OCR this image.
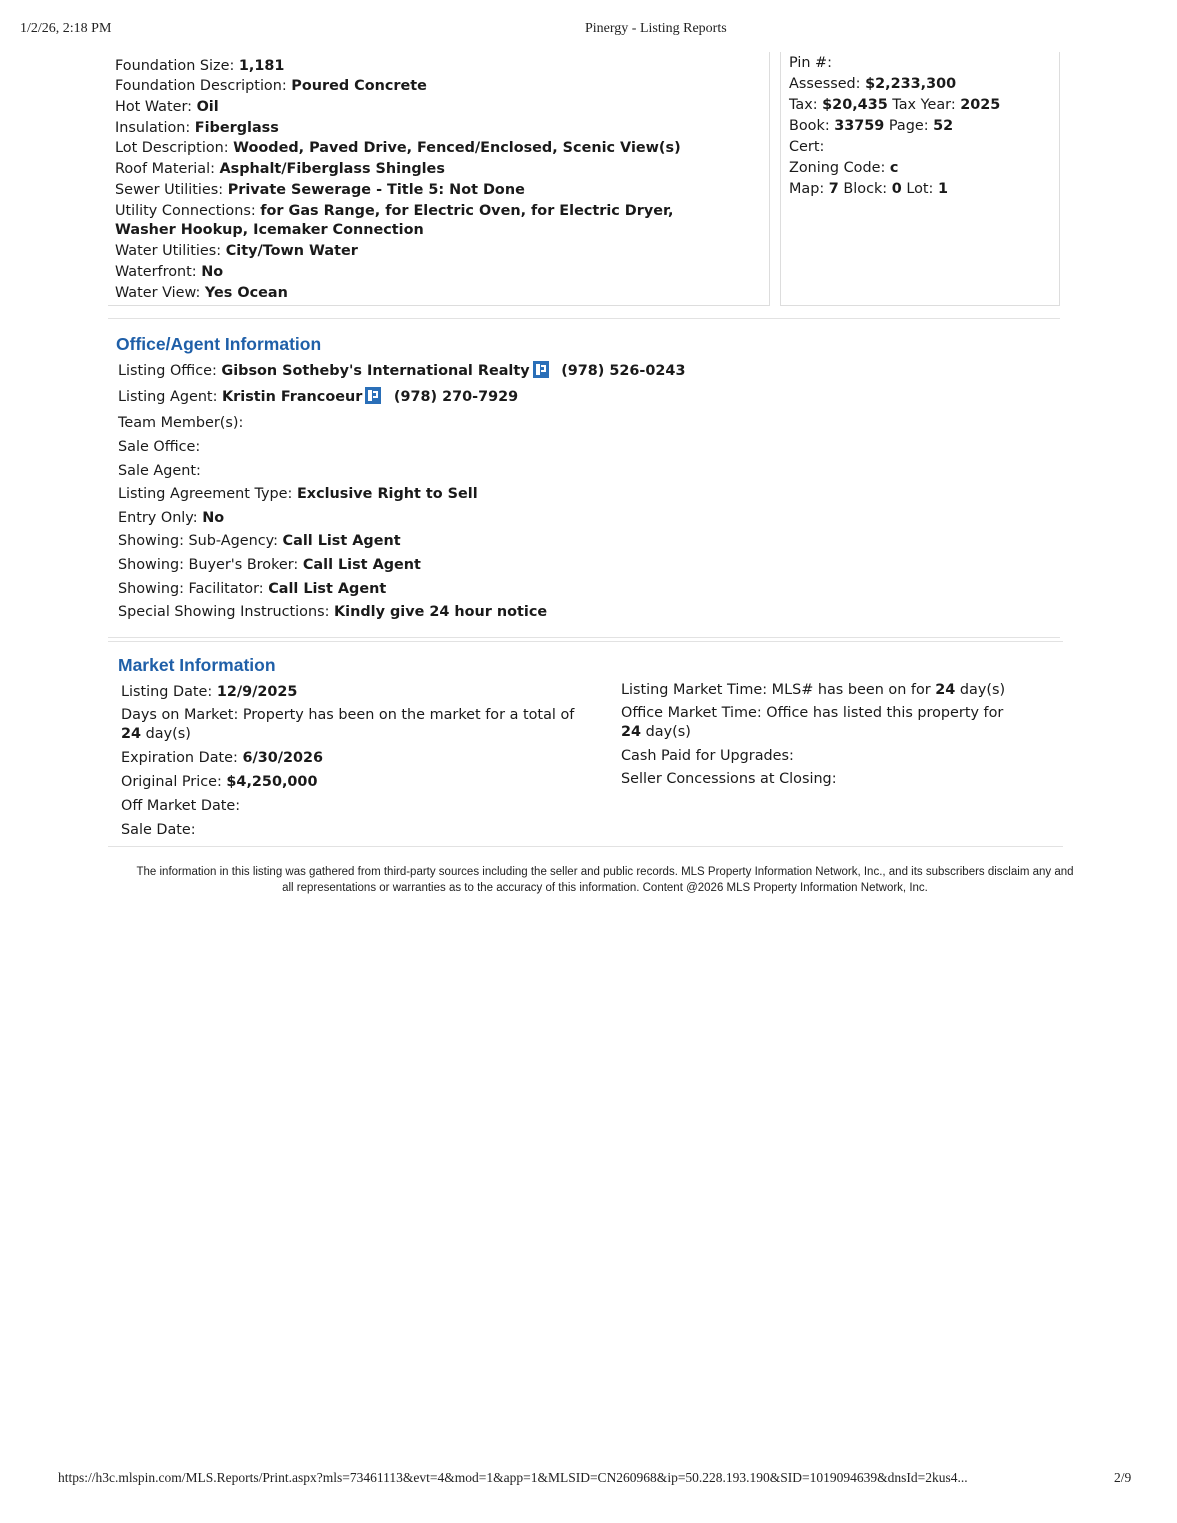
1/2/26, 2:18 PM	Pinergy - Listing Reports
Foundation Size: 1,181
Foundation Description: Poured Concrete
Hot Water: Oil
Insulation: Fiberglass
Lot Description: Wooded, Paved Drive, Fenced/Enclosed, Scenic View(s)
Roof Material: Asphalt/Fiberglass Shingles
Sewer Utilities: Private Sewerage - Title 5: Not Done
Utility Connections: for Gas Range, for Electric Oven, for Electric Dryer, Washer Hookup, Icemaker Connection
Water Utilities: City/Town Water
Waterfront: No
Water View: Yes Ocean
Pin #:
Assessed: $2,233,300
Tax: $20,435 Tax Year: 2025
Book: 33759 Page: 52
Cert:
Zoning Code: c
Map: 7 Block: 0 Lot: 1
Office/Agent Information
Listing Office: Gibson Sotheby's International Realty (978) 526-0243
Listing Agent: Kristin Francoeur (978) 270-7929
Team Member(s):
Sale Office:
Sale Agent:
Listing Agreement Type: Exclusive Right to Sell
Entry Only: No
Showing: Sub-Agency: Call List Agent
Showing: Buyer's Broker: Call List Agent
Showing: Facilitator: Call List Agent
Special Showing Instructions: Kindly give 24 hour notice
Market Information
Listing Date: 12/9/2025
Days on Market: Property has been on the market for a total of 24 day(s)
Expiration Date: 6/30/2026
Original Price: $4,250,000
Off Market Date:
Sale Date:
Listing Market Time: MLS# has been on for 24 day(s)
Office Market Time: Office has listed this property for 24 day(s)
Cash Paid for Upgrades:
Seller Concessions at Closing:
The information in this listing was gathered from third-party sources including the seller and public records. MLS Property Information Network, Inc., and its subscribers disclaim any and all representations or warranties as to the accuracy of this information. Content @2026 MLS Property Information Network, Inc.
https://h3c.mlspin.com/MLS.Reports/Print.aspx?mls=73461113&evt=4&mod=1&app=1&MLSID=CN260968&ip=50.228.193.190&SID=1019094639&dnsId=2kus4...	2/9
